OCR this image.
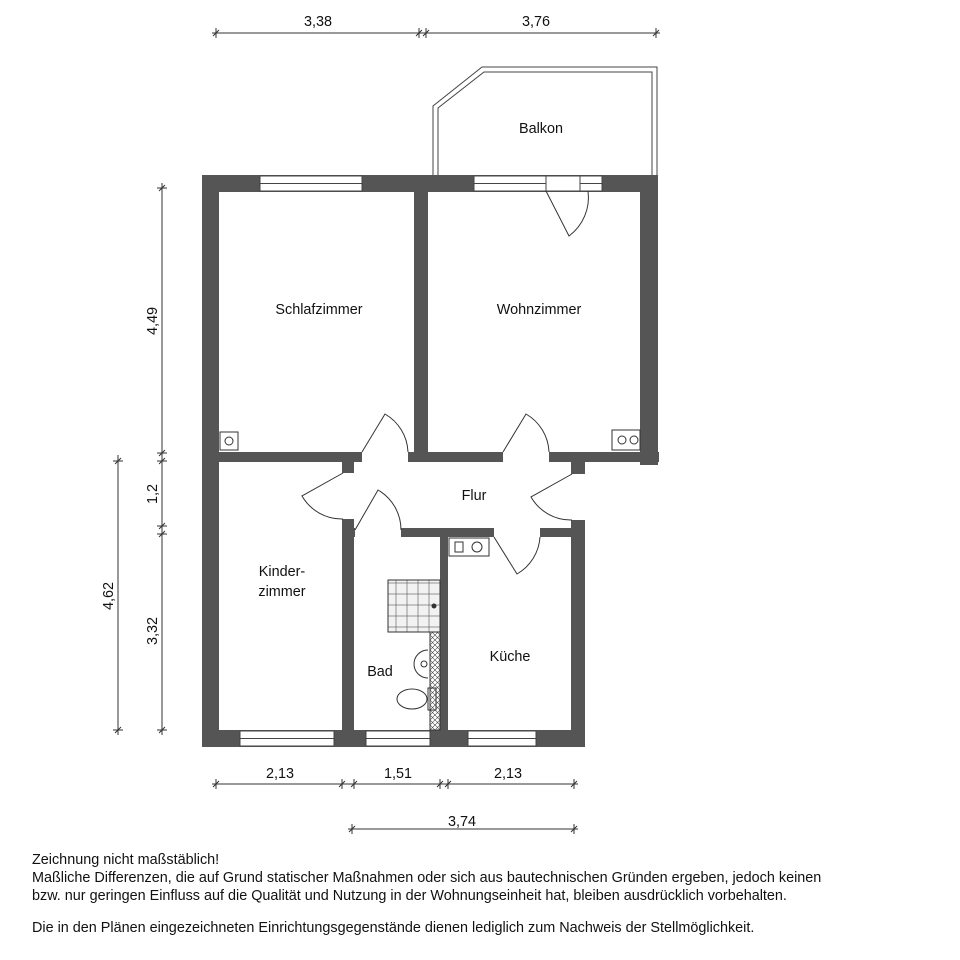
Balkon
Schlafzimmer	Wohnzimmer
Flur
Kinder-
zimmer
Bad
Küche
3,38	3,76
4,49
1,2
3,32
4,62
2,13	1,51	2,13
3,74

Zeichnung nicht maßstäblich!

Maßliche Differenzen, die auf Grund statischer Maßnahmen oder sich aus bautechnischen Gründen ergeben, jedoch keinen

bzw. nur geringen Einfluss auf die Qualität und Nutzung in der Wohnungseinheit hat, bleiben ausdrücklich vorbehalten.

Die in den Plänen eingezeichneten Einrichtungsgegenstände dienen lediglich zum Nachweis der Stellmöglichkeit.
